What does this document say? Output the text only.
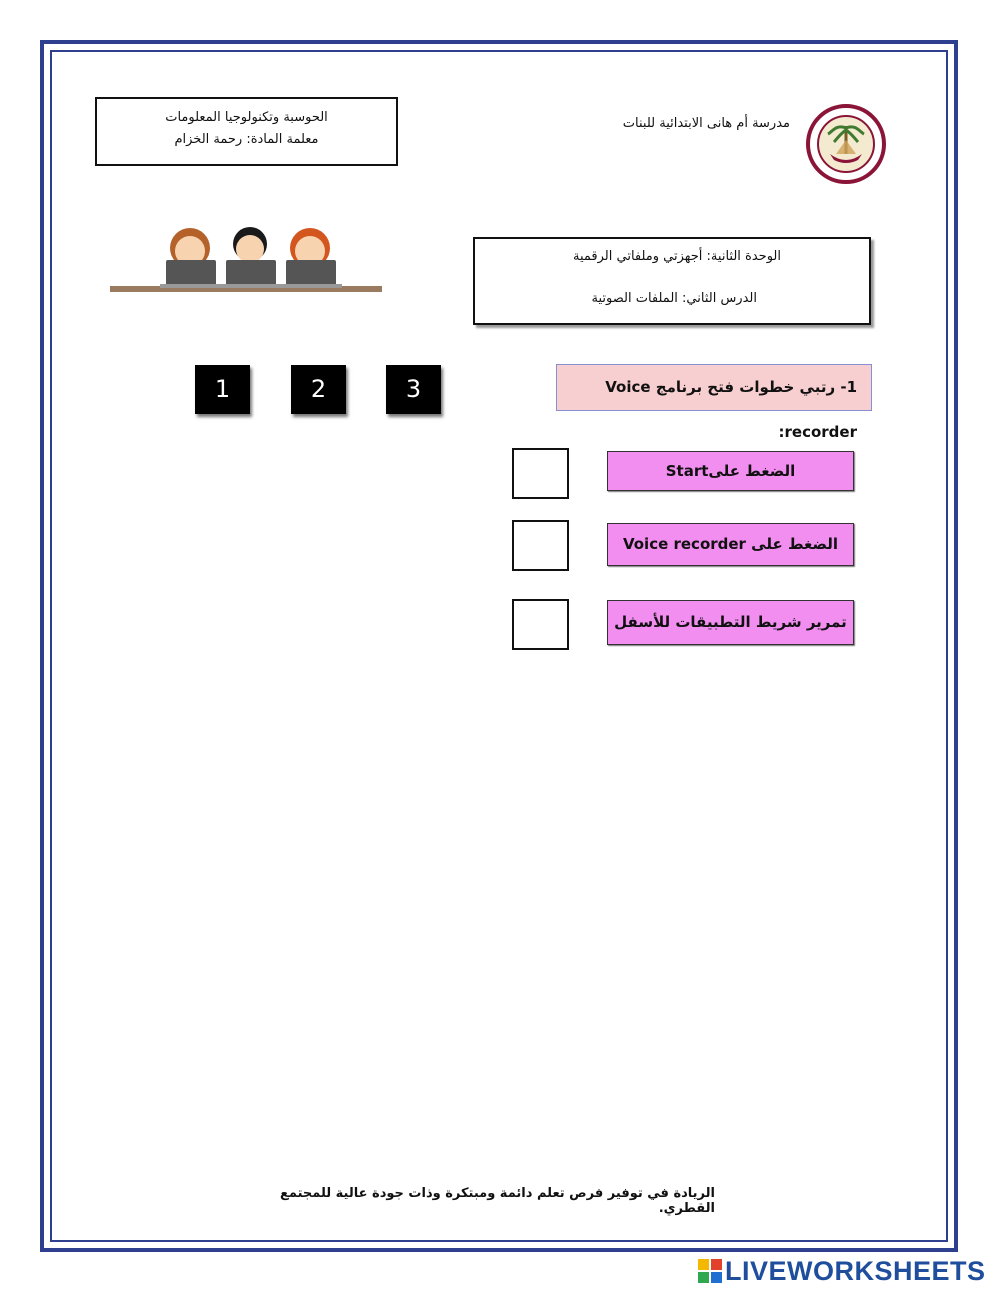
الحوسبة وتكنولوجيا المعلومات
معلمة المادة: رحمة الخزام
مدرسة أم هانى الابتدائية للبنات
الوحدة الثانية: أجهزتي وملفاتي الرقمية
الدرس الثاني: الملفات الصوتية
1	2	3	1- رتبي خطوات فتح برنامج Voice recorder:
الضغط علىStart
الضغط على Voice recorder
تمرير شريط التطبيقات للأسفل
الريادة في توفير فرص تعلم دائمة ومبتكرة وذات جودة عالية للمجتمع القطري.
LIVEWORKSHEETS
